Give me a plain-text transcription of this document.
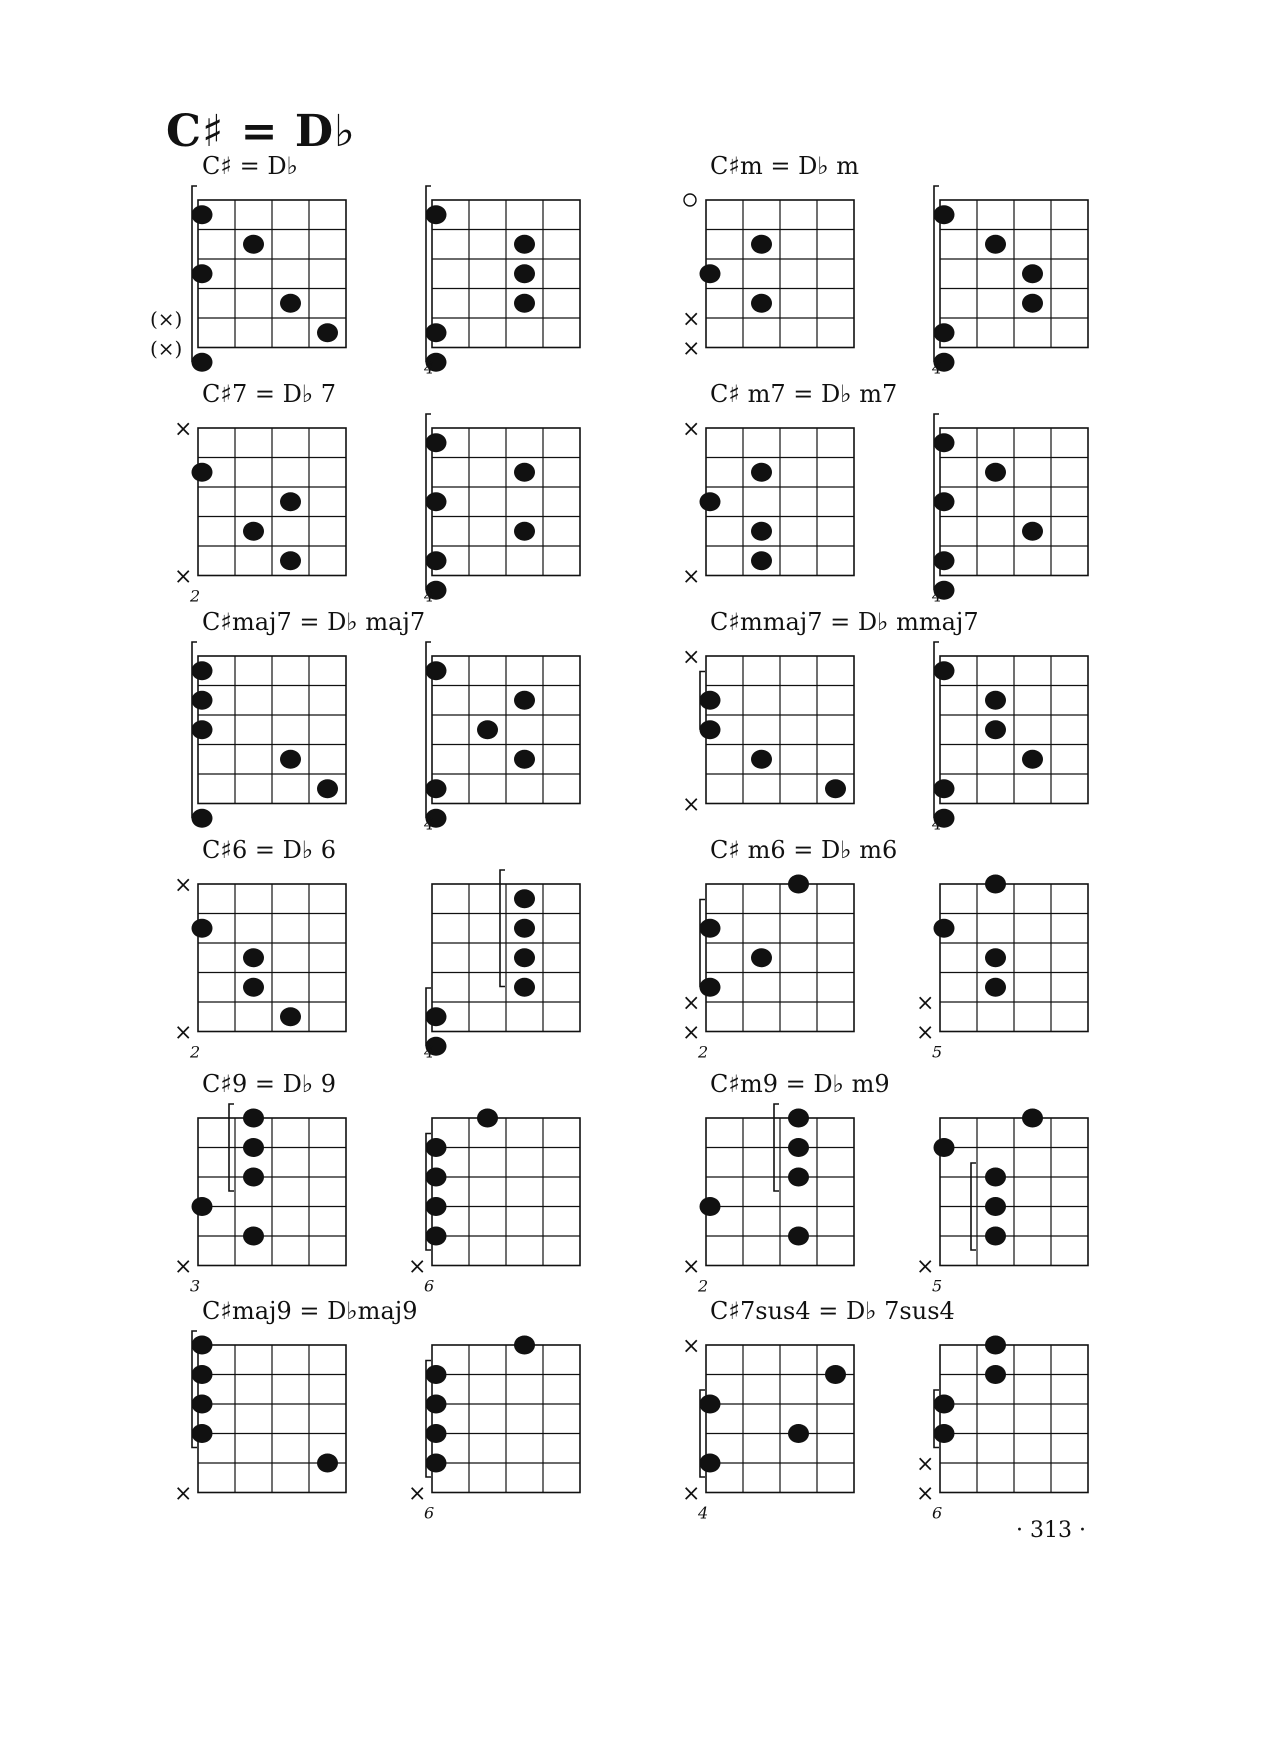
C♯ = D♭
C♯ = D♭
(×)
(×)
4
C♯m = D♭ m
×
×
4
C♯7 = D♭ 7
×
×
2	4
C♯ m7 = D♭ m7
×
×
4
C♯maj7 = D♭ maj7
4
C♯mmaj7 = D♭ mmaj7
×
×
4
C♯6 = D♭ 6
×
×
2	4
C♯ m6 = D♭ m6
×
×
2
×
×
5
C♯9 = D♭ 9
×
3
×
6
C♯m9 = D♭ m9
×
2
×
5
C♯maj9 = D♭maj9
×	×
6
C♯7sus4 = D♭ 7sus4
×
×
4
×
×
6
· 313 ·
